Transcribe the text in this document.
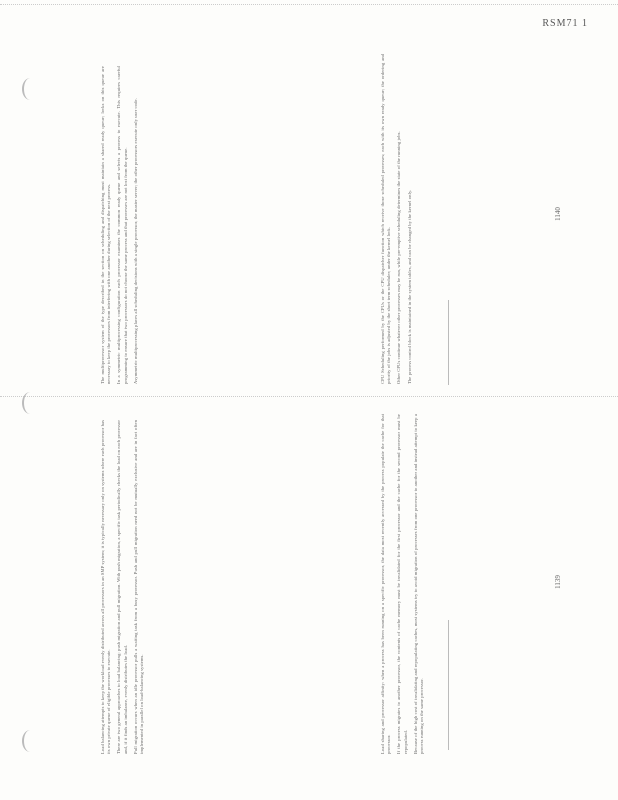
RSM71 1

The multiprocessor system of the type described in the section on scheduling and dispatching must maintain a shared ready queue; locks on this queue are necessary to keep the processors from interfering with one another during selection of the next process. In a symmetric multiprocessing configuration each processor examines the common ready queue and selects a process to execute. This requires careful programming to ensure that two processors do not choose the same process and that processes are not lost from the queue. Asymmetric multiprocessing places all scheduling decisions with a single processor, the master server; the other processors execute only user code.

Load balancing attempts to keep the workload evenly distributed across all processors in an SMP system; it is typically necessary only on systems where each processor has its own private queue of eligible processes to execute. There are two general approaches to load balancing: push migration and pull migration. With push migration, a specific task periodically checks the load on each processor and, if it finds an imbalance, evenly distributes the load. Pull migration occurs when an idle processor pulls a waiting task from a busy processor. Push and pull migration need not be mutually exclusive and are in fact often implemented in parallel on load-balancing systems.

CPU Scheduling performed by the CPUs or the CPU dispatcher function which receive those scheduled processes; each with its own ready queue; the ordering and priority of the jobs is adjusted by the short term scheduler; under the kernel lock. Other CPUs continue whatever other processes may be run, while pre-emptive scheduling determines the state of the running jobs. The process control block is maintained in the system tables, and can be changed by the kernel only.

Load sharing and processor affinity: when a process has been running on a specific processor, the data most recently accessed by the process populate the cache for that processor. If the process migrates to another processor, the contents of cache memory must be invalidated for the first processor and the cache for the second processor must be repopulated. Because of the high cost of invalidating and repopulating caches, most systems try to avoid migration of processes from one processor to another and instead attempt to keep a process running on the same processor.

1140
1139
